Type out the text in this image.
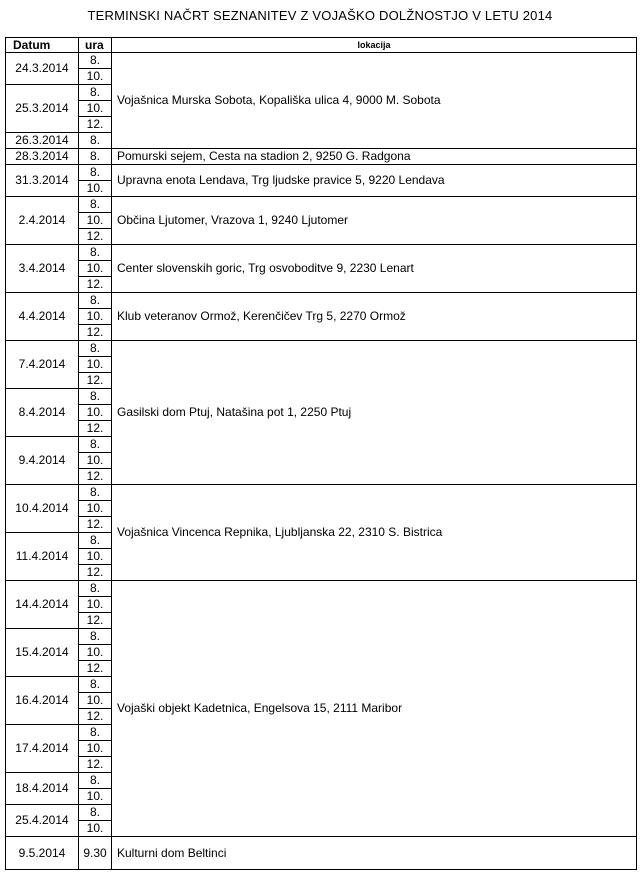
TERMINSKI NAČRT SEZNANITEV Z VOJAŠKO DOLŽNOSTJO V LETU 2014
Datum	ura	lokacija
24.3.2014	8.	Vojašnica Murska Sobota, Kopališka ulica 4, 9000 M. Sobota
	10.	
25.3.2014	8.	
	10.	
	12.	
26.3.2014	8.	
28.3.2014	8.	Pomurski sejem, Cesta na stadion 2, 9250 G. Radgona
31.3.2014	8.	Upravna enota Lendava, Trg ljudske pravice 5, 9220 Lendava
	10.	
2.4.2014	8.	Občina Ljutomer, Vrazova 1, 9240 Ljutomer
	10.	
	12.	
3.4.2014	8.	Center slovenskih goric, Trg osvoboditve 9, 2230 Lenart
	10.	
	12.	
4.4.2014	8.	Klub veteranov Ormož, Kerenčičev Trg 5, 2270 Ormož
	10.	
	12.	
7.4.2014	8.	Gasilski dom Ptuj, Natašina pot 1, 2250 Ptuj
	10.	
	12.	
8.4.2014	8.	
	10.	
	12.	
9.4.2014	8.	
	10.	
	12.	
10.4.2014	8.	Vojašnica Vincenca Repnika, Ljubljanska 22, 2310 S. Bistrica
	10.	
	12.	
11.4.2014	8.	
	10.	
	12.	
14.4.2014	8.	Vojaški objekt Kadetnica, Engelsova 15, 2111 Maribor
	10.	
	12.	
15.4.2014	8.	
	10.	
	12.	
16.4.2014	8.	
	10.	
	12.	
17.4.2014	8.	
	10.	
	12.	
18.4.2014	8.	
	10.	
25.4.2014	8.	
	10.	
9.5.2014	9.30	Kulturni dom Beltinci
